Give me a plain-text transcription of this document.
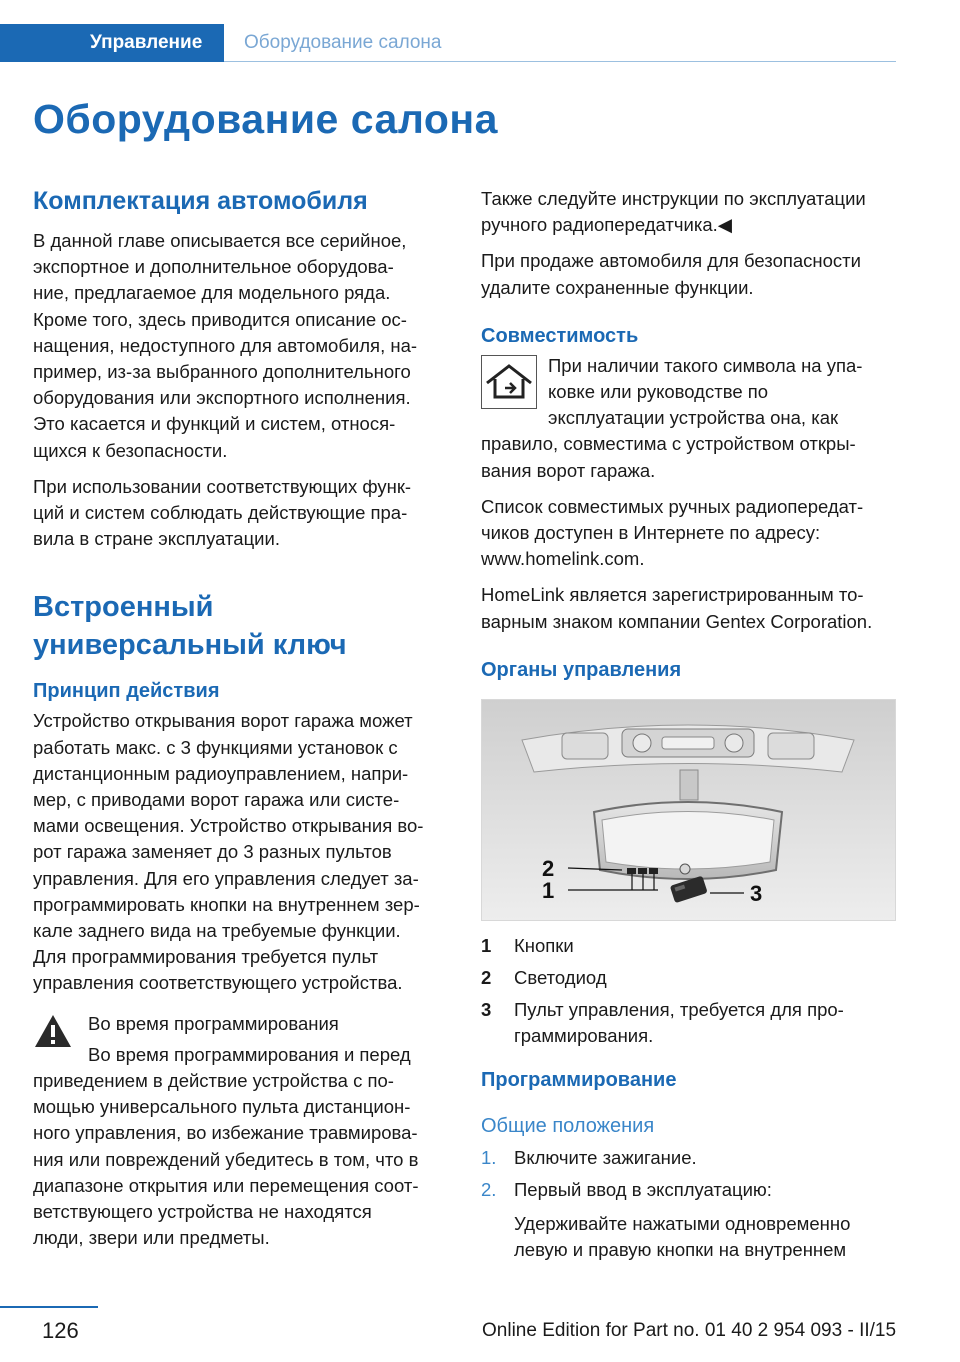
Управление	Оборудование салона
Оборудование салона
Комплектация автомобиля

В данной главе описывается все серийное,

экспортное и дополнительное оборудова‐

ние, предлагаемое для модельного ряда.

Кроме того, здесь приводится описание ос‐

нащения, недоступного для автомобиля, на‐

пример, из-за выбранного дополнительного

оборудования или экспортного исполнения.

Это касается и функций и систем, относя‐

щихся к безопасности.

При использовании соответствующих функ‐

ций и систем соблюдать действующие пра‐

вила в стране эксплуатации.

Встроенный
универсальный ключ
Принцип действия

Устройство открывания ворот гаража может

работать макс. с 3 функциями установок с

дистанционным радиоуправлением, напри‐

мер, с приводами ворот гаража или систе‐

мами освещения. Устройство открывания во‐

рот гаража заменяет до 3 разных пультов

управления. Для его управления следует за‐

программировать кнопки на внутреннем зер‐

кале заднего вида на требуемые функции.

Для программирования требуется пульт

управления соответствующего устройства.

Во время программирования

Во время программирования и перед

приведением в действие устройства с по‐

мощью универсального пульта дистанцион‐

ного управления, во избежание травмирова‐

ния или повреждений убедитесь в том, что в

диапазоне открытия или перемещения соот‐

ветствующего устройства не находятся

люди, звери или предметы.

Также следуйте инструкции по эксплуатации

ручного радиопередатчика.◀

При продаже автомобиля для безопасности

удалите сохраненные функции.

Совместимость

При наличии такого символа на упа‐

ковке или руководстве по

эксплуатации устройства она, как

правило, совместима с устройством откры‐

вания ворот гаража.

Список совместимых ручных радиопередат‐

чиков доступен в Интернете по адресу:

www.homelink.com.

HomeLink является зарегистрированным то‐

варным знаком компании Gentex Corporation.

Органы управления
2
1	3
1 Кнопки
2 Светодиод
3 Пульт управления, требуется для про‐
граммирования.
Программирование
Общие положения
1. Включите зажигание.
2. Первый ввод в эксплуатацию:

Удерживайте нажатыми одновременно

левую и правую кнопки на внутреннем

126	Online Edition for Part no. 01 40 2 954 093 - II/15
